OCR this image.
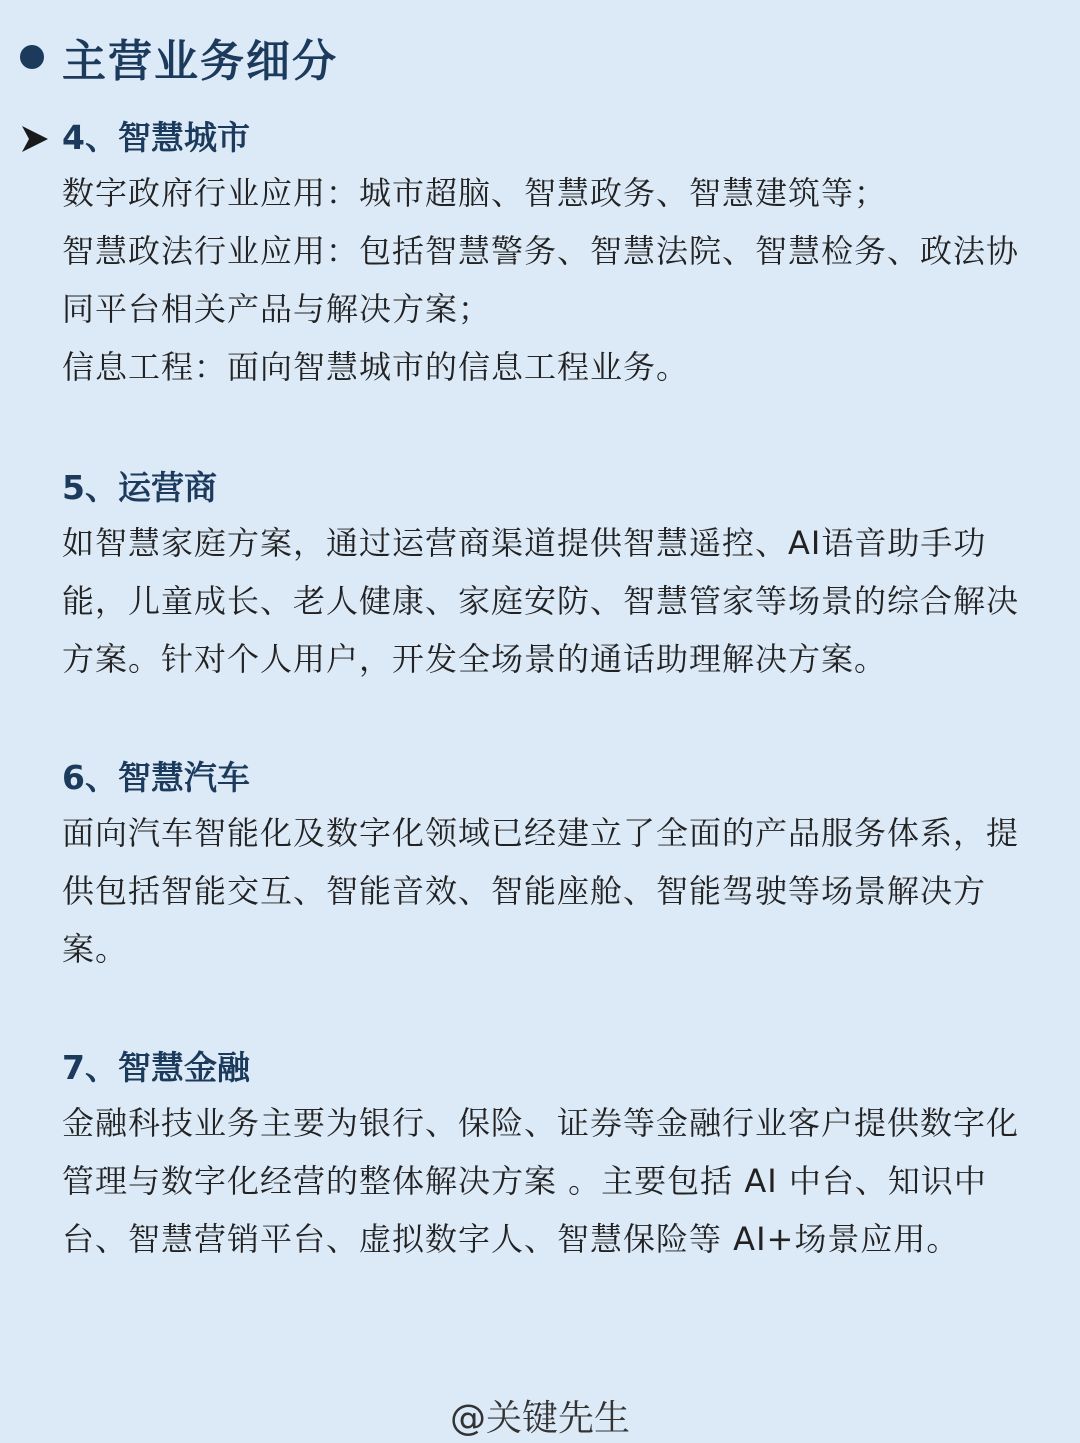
主营业务细分
4、智慧城市

数字政府行业应用：城市超脑、智慧政务、智慧建筑等；

智慧政法行业应用：包括智慧警务、智慧法院、智慧检务、政法协同平台相关产品与解决方案；

信息工程：面向智慧城市的信息工程业务。

5、运营商

如智慧家庭方案，通过运营商渠道提供智慧遥控、AI语音助手功能，儿童成长、老人健康、家庭安防、智慧管家等场景的综合解决方案。针对个人用户，开发全场景的通话助理解决方案。

6、智慧汽车

面向汽车智能化及数字化领域已经建立了全面的产品服务体系，提供包括智能交互、智能音效、智能座舱、智能驾驶等场景解决方案。

7、智慧金融

金融科技业务主要为银行、保险、证券等金融行业客户提供数字化管理与数字化经营的整体解决方案 。主要包括 AI 中台、知识中台、智慧营销平台、虚拟数字人、智慧保险等 AI+场景应用。

@关键先生
